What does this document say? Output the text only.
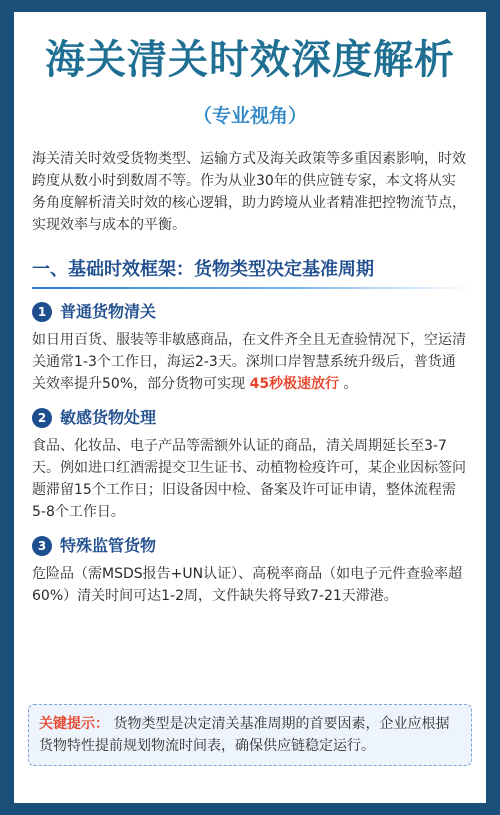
海关清关时效深度解析
（专业视角）
海关清关时效受货物类型、运输方式及海关政策等多重因素影响，时效跨度从数小时到数周不等。作为从业30年的供应链专家，本文将从实务角度解析清关时效的核心逻辑，助力跨境从业者精准把控物流节点，实现效率与成本的平衡。
一、基础时效框架：货物类型决定基准周期
1 普通货物清关
如日用百货、服装等非敏感商品，在文件齐全且无查验情况下，空运清关通常1-3个工作日，海运2-3天。深圳口岸智慧系统升级后，普货通关效率提升50%，部分货物可实现 45秒极速放行 。
2 敏感货物处理
食品、化妆品、电子产品等需额外认证的商品，清关周期延长至3-7天。例如进口红酒需提交卫生证书、动植物检疫许可，某企业因标签问题滞留15个工作日；旧设备因中检、备案及许可证申请，整体流程需5-8个工作日。
3 特殊监管货物
危险品（需MSDS报告+UN认证）、高税率商品（如电子元件查验率超60%）清关时间可达1-2周，文件缺失将导致7-21天滞港。
关键提示： 货物类型是决定清关基准周期的首要因素，企业应根据货物特性提前规划物流时间表，确保供应链稳定运行。
